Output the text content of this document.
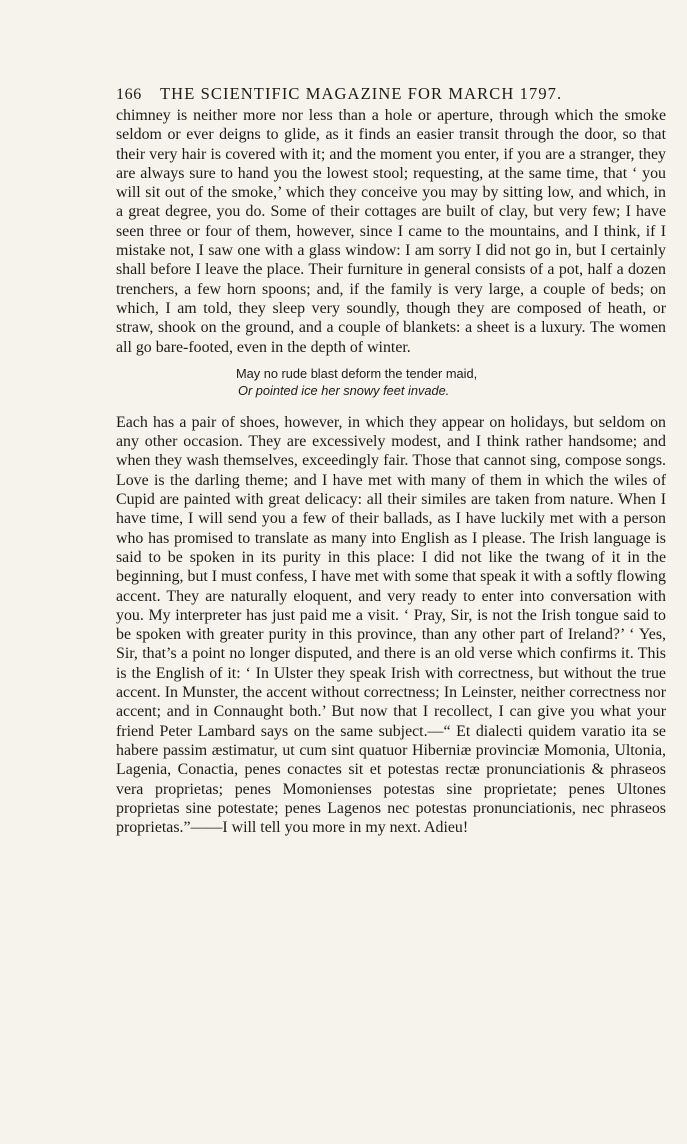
166	THE SCIENTIFIC MAGAZINE FOR MARCH 1797.

chimney is neither more nor less than a hole or aperture, through which the smoke seldom or ever deigns to glide, as it finds an easier transit through the door, so that their very hair is covered with it; and the moment you enter, if you are a stranger, they are always sure to hand you the lowest stool; requesting, at the same time, that ‘ you will sit out of the smoke,’ which they conceive you may by sitting low, and which, in a great degree, you do. Some of their cottages are built of clay, but very few; I have seen three or four of them, however, since I came to the mountains, and I think, if I mistake not, I saw one with a glass window: I am sorry I did not go in, but I certainly shall before I leave the place. Their furniture in general consists of a pot, half a dozen trenchers, a few horn spoons; and, if the family is very large, a couple of beds; on which, I am told, they sleep very soundly, though they are composed of heath, or straw, shook on the ground, and a couple of blankets: a sheet is a luxury. The women all go bare-footed, even in the depth of winter.

May no rude blast deform the tender maid,
Or pointed ice her snowy feet invade.

Each has a pair of shoes, however, in which they appear on holidays, but seldom on any other occasion. They are excessively modest, and I think rather handsome; and when they wash themselves, exceedingly fair. Those that cannot sing, compose songs. Love is the darling theme; and I have met with many of them in which the wiles of Cupid are painted with great delicacy: all their similes are taken from nature. When I have time, I will send you a few of their ballads, as I have luckily met with a person who has promised to translate as many into English as I please. The Irish language is said to be spoken in its purity in this place: I did not like the twang of it in the beginning, but I must confess, I have met with some that speak it with a softly flowing accent. They are naturally eloquent, and very ready to enter into conversation with you. My interpreter has just paid me a visit. ‘ Pray, Sir, is not the Irish tongue said to be spoken with greater purity in this province, than any other part of Ireland?’ ‘ Yes, Sir, that’s a point no longer disputed, and there is an old verse which confirms it. This is the English of it: ‘ In Ulster they speak Irish with correctness, but without the true accent. In Munster, the accent without correctness; In Leinster, neither correctness nor accent; and in Connaught both.’ But now that I recollect, I can give you what your friend Peter Lambard says on the same subject.—“ Et dialecti quidem varatio ita se habere passim æstimatur, ut cum sint quatuor Hiberniæ provinciæ Momonia, Ultonia, Lagenia, Conactia, penes conactes sit et potestas rectæ pronunciationis & phraseos vera proprietas; penes Momonienses potestas sine proprietate; penes Ultones proprietas sine potestate; penes Lagenos nec potestas pronunciationis, nec phraseos proprietas.”——I will tell you more in my next. Adieu!
